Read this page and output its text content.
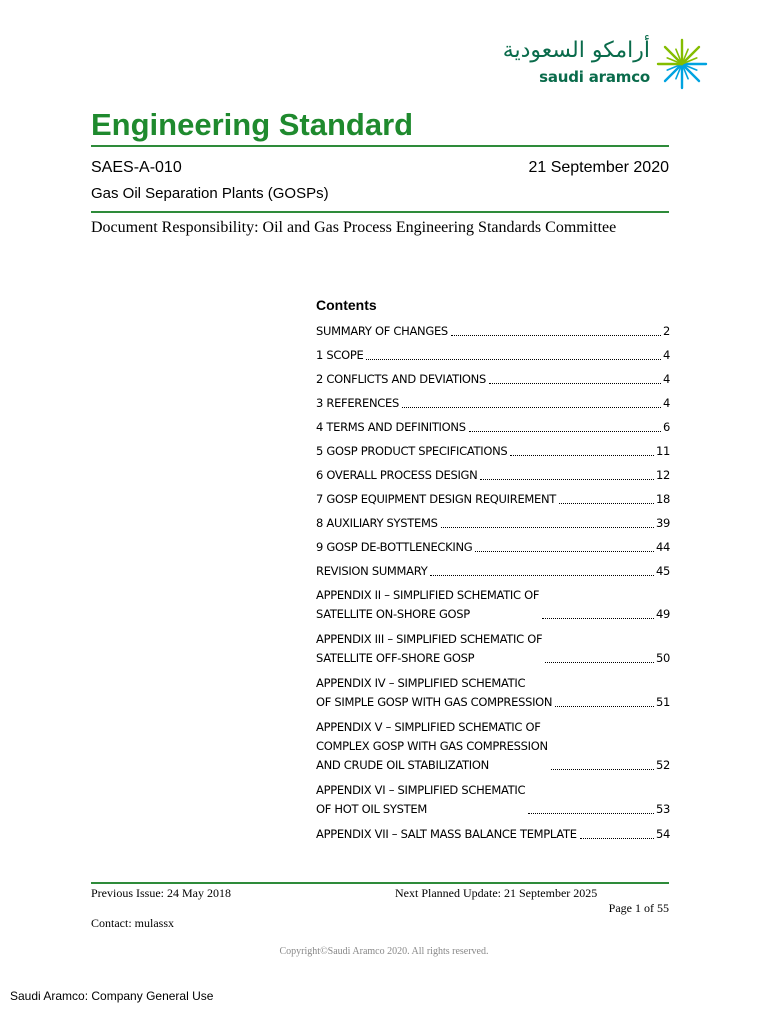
أرامكو السعودية
saudi aramco
Engineering Standard
SAES-A-010	21 September 2020
Gas Oil Separation Plants (GOSPs)
Document Responsibility: Oil and Gas Process Engineering Standards Committee
Contents
SUMMARY OF CHANGES	2
1 SCOPE	4
2 CONFLICTS AND DEVIATIONS	4
3 REFERENCES	4
4 TERMS AND DEFINITIONS	6
5 GOSP PRODUCT SPECIFICATIONS	11
6 OVERALL PROCESS DESIGN	12
7 GOSP EQUIPMENT DESIGN REQUIREMENT	18
8 AUXILIARY SYSTEMS	39
9 GOSP DE-BOTTLENECKING	44
REVISION SUMMARY	45
APPENDIX II – SIMPLIFIED SCHEMATIC OF
SATELLITE ON-SHORE GOSP	49
APPENDIX III – SIMPLIFIED SCHEMATIC OF
SATELLITE OFF-SHORE GOSP	50
APPENDIX IV – SIMPLIFIED SCHEMATIC
OF SIMPLE GOSP WITH GAS COMPRESSION	51
APPENDIX V – SIMPLIFIED SCHEMATIC OF
COMPLEX GOSP WITH GAS COMPRESSION
AND CRUDE OIL STABILIZATION	52
APPENDIX VI – SIMPLIFIED SCHEMATIC
OF HOT OIL SYSTEM	53
APPENDIX VII – SALT MASS BALANCE TEMPLATE	54
Previous Issue: 24 May 2018	Next Planned Update: 21 September 2025
Page 1 of 55
Contact: mulassx
Copyright©Saudi Aramco 2020. All rights reserved.
Saudi Aramco: Company General Use
